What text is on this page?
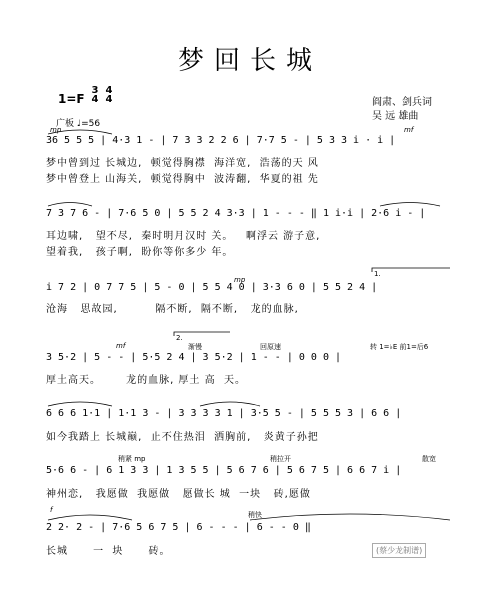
梦回长城
1=F
3
4
4
4	阎肃、剑兵词
吴 远 雄曲
广板 ♩=56
mp	mf
mp
1.
mf
2.
渐慢	回原速	转 1=♭E 前1=后6
稍紧 mp	稍拉开	散宽
f
稍快
36 5 5 5 | 4·3 1 - | 7 3 3 2 2 6 | 7·7 5 - | 5 3 3 i · i |
梦中曾到过 长城边,  顿觉得胸襟  海洋宽,  浩荡的天 风
梦中曾登上 山海关,  顿觉得胸中  波涛翻,  华夏的祖 先
7 3 7 6 - | 7·6 5 0 | 5 5 2 4 3·3 | 1 - - - ‖ 1 i·i | 2·6 i - |
耳边啸,   望不尽,  秦时明月汉时 关。   啊浮云 游子意,
望着我,   孩子啊,  盼你等你多少 年。
i 7 2 | 0 7 7 5 | 5 - 0 | 5 5 4 0 | 3·3 6 0 | 5 5 2 4 |
沧海   思故园,         隔不断,  隔不断,   龙的血脉,
3 5·2 | 5 - - | 5·5 2 4 | 3 5·2 | 1 - - | 0 0 0 |
厚土高天。      龙的血脉, 厚土 高  天。
6 6 6 1·1 | 1·1 3 - | 3 3 3 3 1 | 3·5 5 - | 5 5 5 3 | 6 6 |
如今我踏上 长城巅,  止不住热泪  洒胸前,   炎黄子孙把
5·6 6 - | 6 1 3 3 | 1 3 5 5 | 5 6 7 6 | 5 6 7 5 | 6 6 7 i |
神州恋,   我愿做  我愿做   愿做长 城  一块   砖,愿做
2 2· 2 - | 7·6 5 6 7 5 | 6 - - - | 6 - - 0 ‖
长城      一  块      砖。	(蔡少龙制谱)
